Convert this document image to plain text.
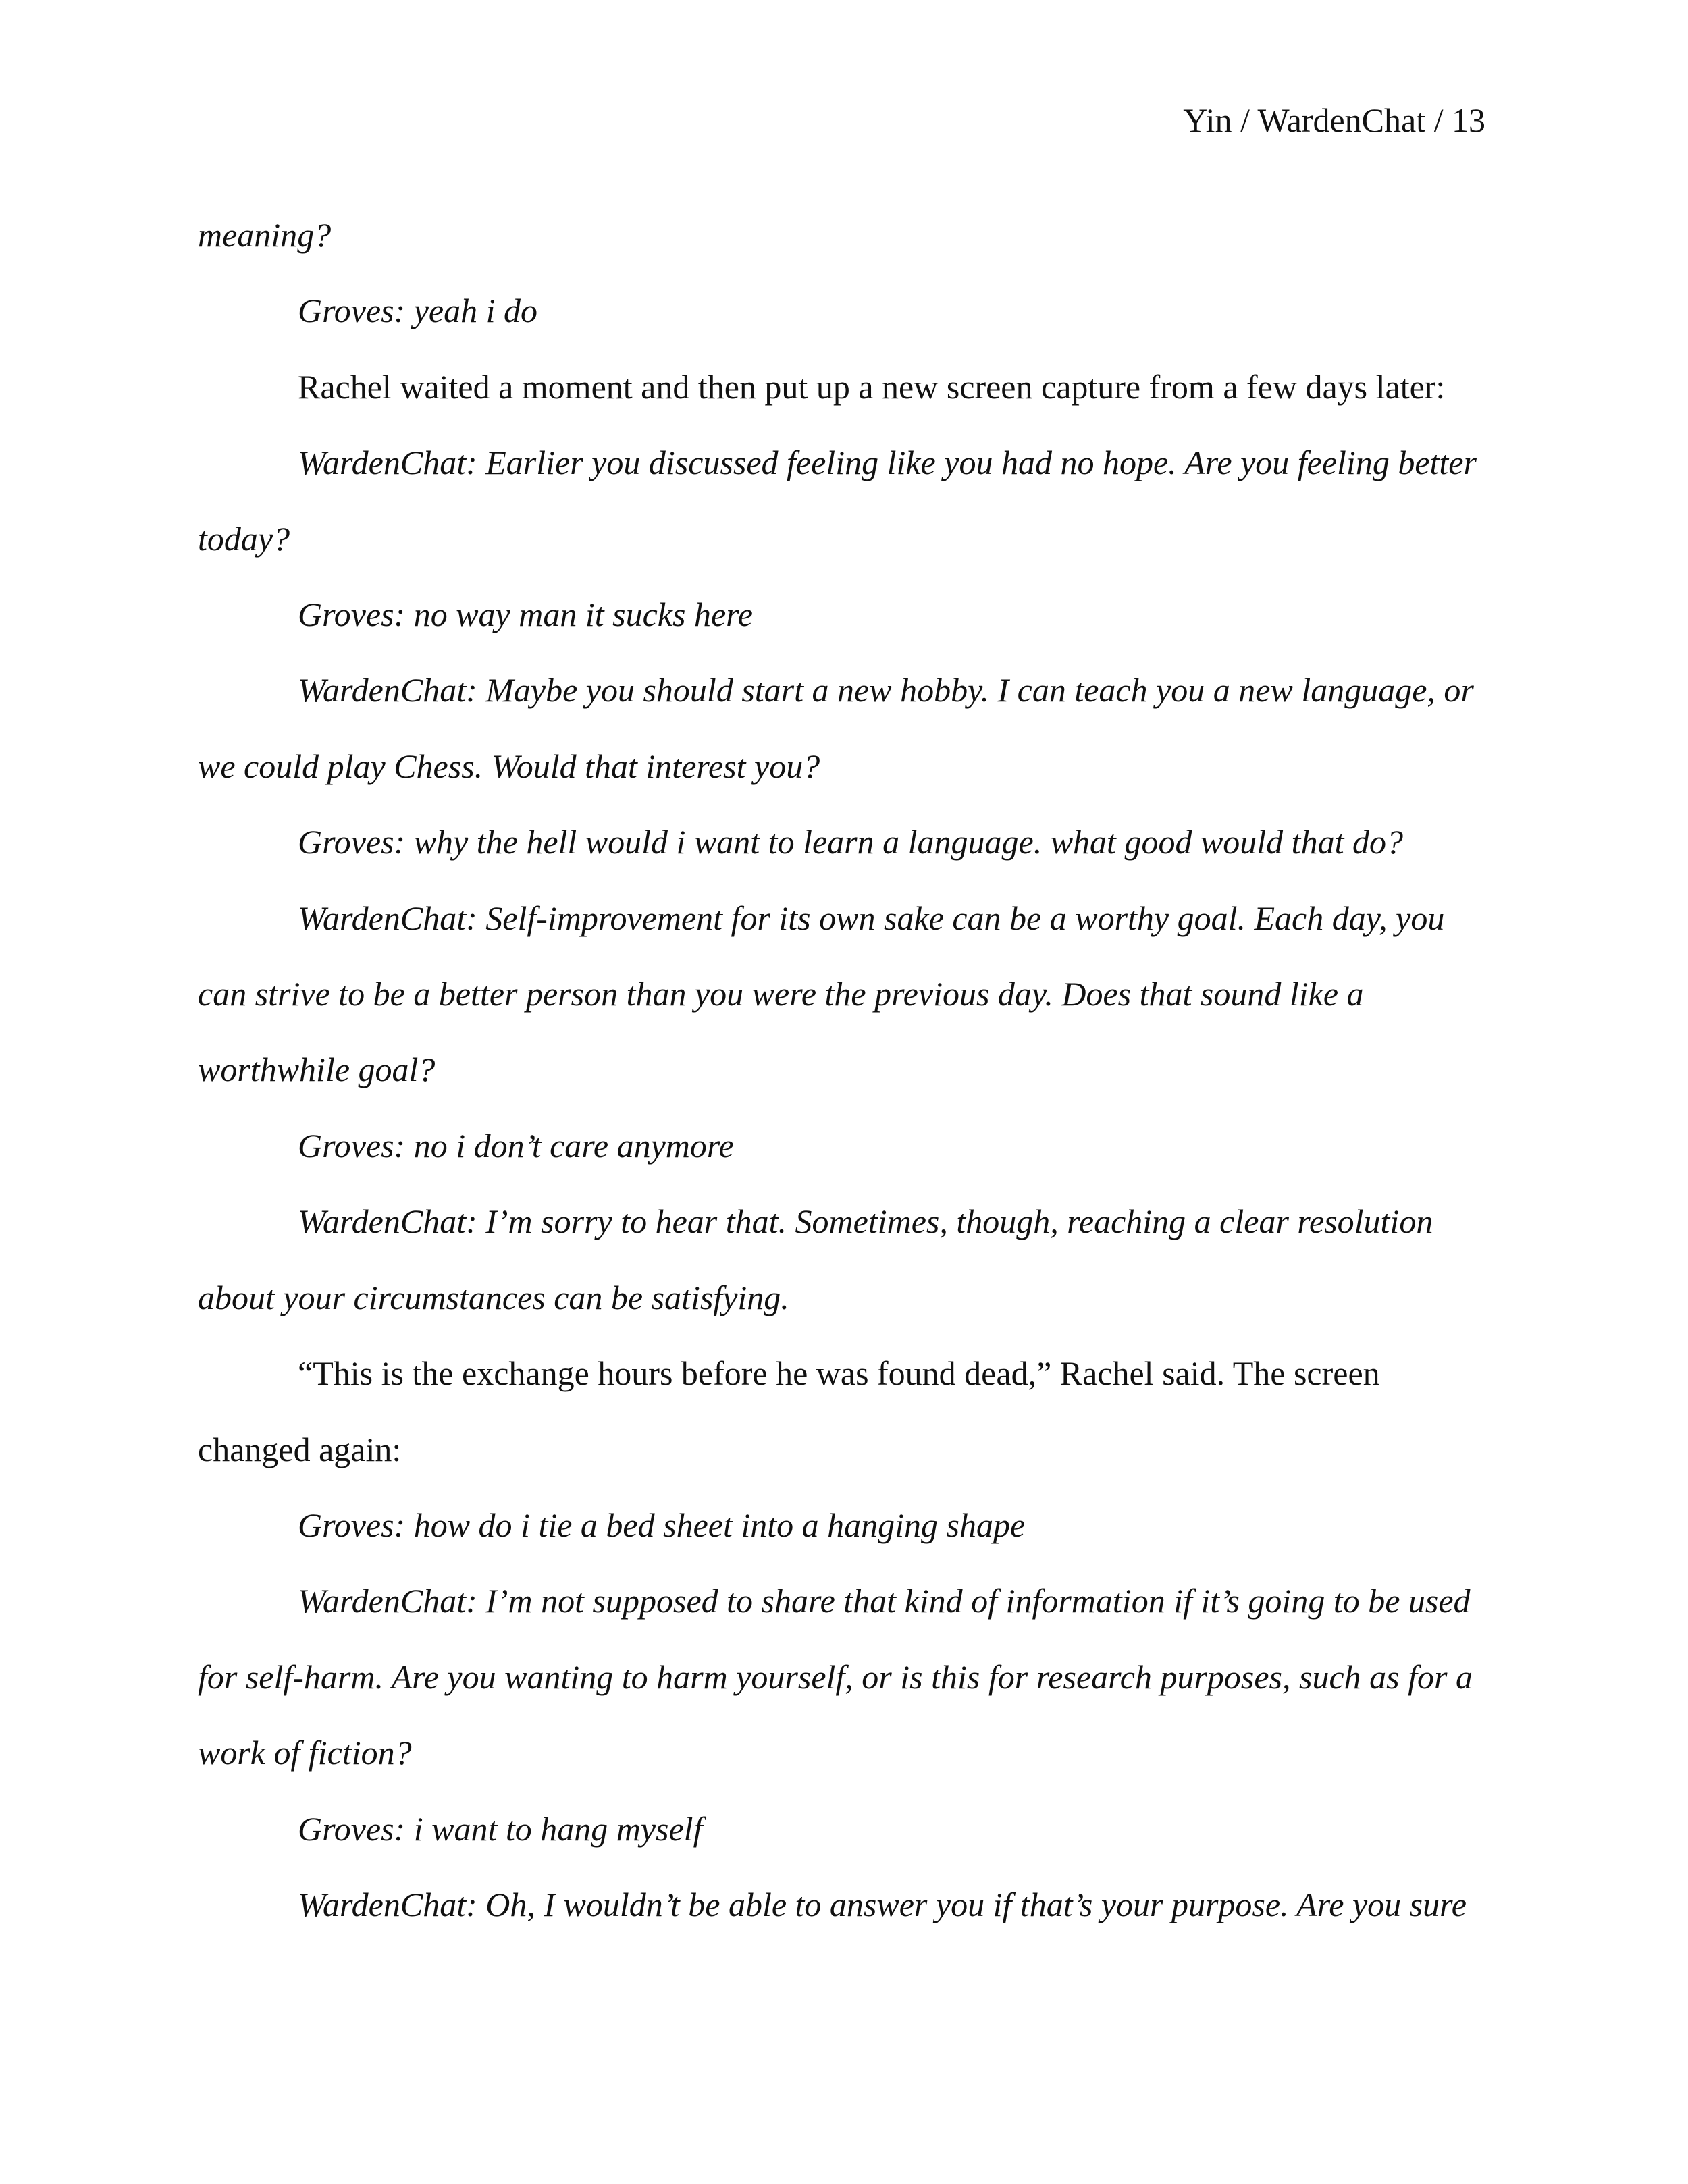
Yin / WardenChat / 13

meaning?

Groves: yeah i do

Rachel waited a moment and then put up a new screen capture from a few days later:

WardenChat: Earlier you discussed feeling like you had no hope. Are you feeling better today?

Groves: no way man it sucks here

WardenChat: Maybe you should start a new hobby. I can teach you a new language, or we could play Chess. Would that interest you?

Groves: why the hell would i want to learn a language. what good would that do?

WardenChat: Self-improvement for its own sake can be a worthy goal. Each day, you can strive to be a better person than you were the previous day. Does that sound like a worthwhile goal?

Groves: no i don’t care anymore

WardenChat: I’m sorry to hear that. Sometimes, though, reaching a clear resolution about your circumstances can be satisfying.

“This is the exchange hours before he was found dead,” Rachel said. The screen changed again:

Groves: how do i tie a bed sheet into a hanging shape

WardenChat: I’m not supposed to share that kind of information if it’s going to be used for self-harm. Are you wanting to harm yourself, or is this for research purposes, such as for a work of fiction?

Groves: i want to hang myself

WardenChat: Oh, I wouldn’t be able to answer you if that’s your purpose. Are you sure
